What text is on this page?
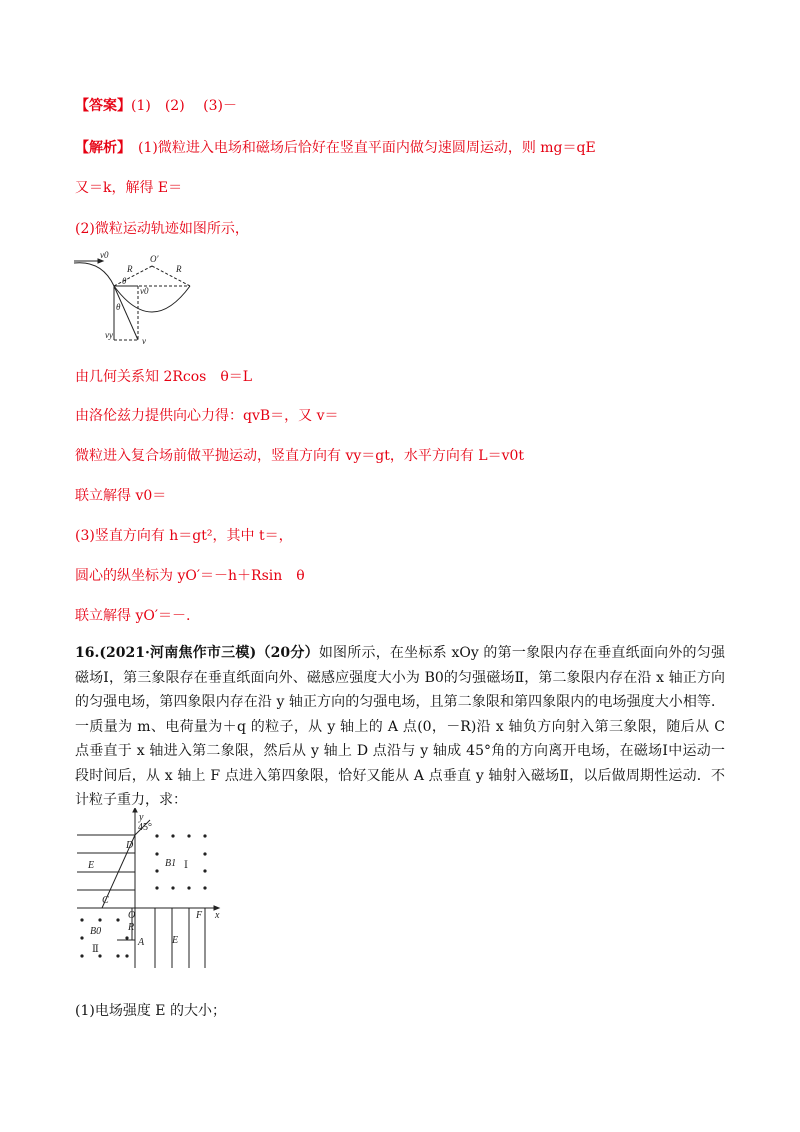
【答案】(1)　(2)　 (3)－
【解析】　(1)微粒进入电场和磁场后恰好在竖直平面内做匀速圆周运动，则 mg＝qE
又＝k，解得 E＝
(2)微粒运动轨迹如图所示，
v0
R
O′
R
θ
v0
θ
vy
v
由几何关系知 2Rcos　θ＝L
由洛伦兹力提供向心力得：qvB＝，又 v＝
微粒进入复合场前做平抛运动，竖直方向有 vy＝gt，水平方向有 L＝v0t
联立解得 v0＝
(3)竖直方向有 h＝gt²，其中 t＝，
圆心的纵坐标为 yO′＝－h＋Rsin　θ
联立解得 yO′＝－.
16.(2021·河南焦作市三模)（20分）如图所示，在坐标系 xOy 的第一象限内存在垂直纸面向外的匀强磁场Ⅰ，第三象限存在垂直纸面向外、磁感应强度大小为 B0的匀强磁场Ⅱ，第二象限内存在沿 x 轴正方向的匀强电场，第四象限内存在沿 y 轴正方向的匀强电场，且第二象限和第四象限内的电场强度大小相等．一质量为 m、电荷量为＋q 的粒子，从 y 轴上的 A 点(0，－R)沿 x 轴负方向射入第三象限，随后从 C 点垂直于 x 轴进入第二象限，然后从 y 轴上 D 点沿与 y 轴成 45°角的方向离开电场，在磁场Ⅰ中运动一段时间后，从 x 轴上 F 点进入第四象限，恰好又能从 A 点垂直 y 轴射入磁场Ⅱ，以后做周期性运动．不计粒子重力，求：
y
45°
D
E	B1 Ⅰ
C
O	F x
B0	R
A	E
Ⅱ
(1)电场强度 E 的大小；
